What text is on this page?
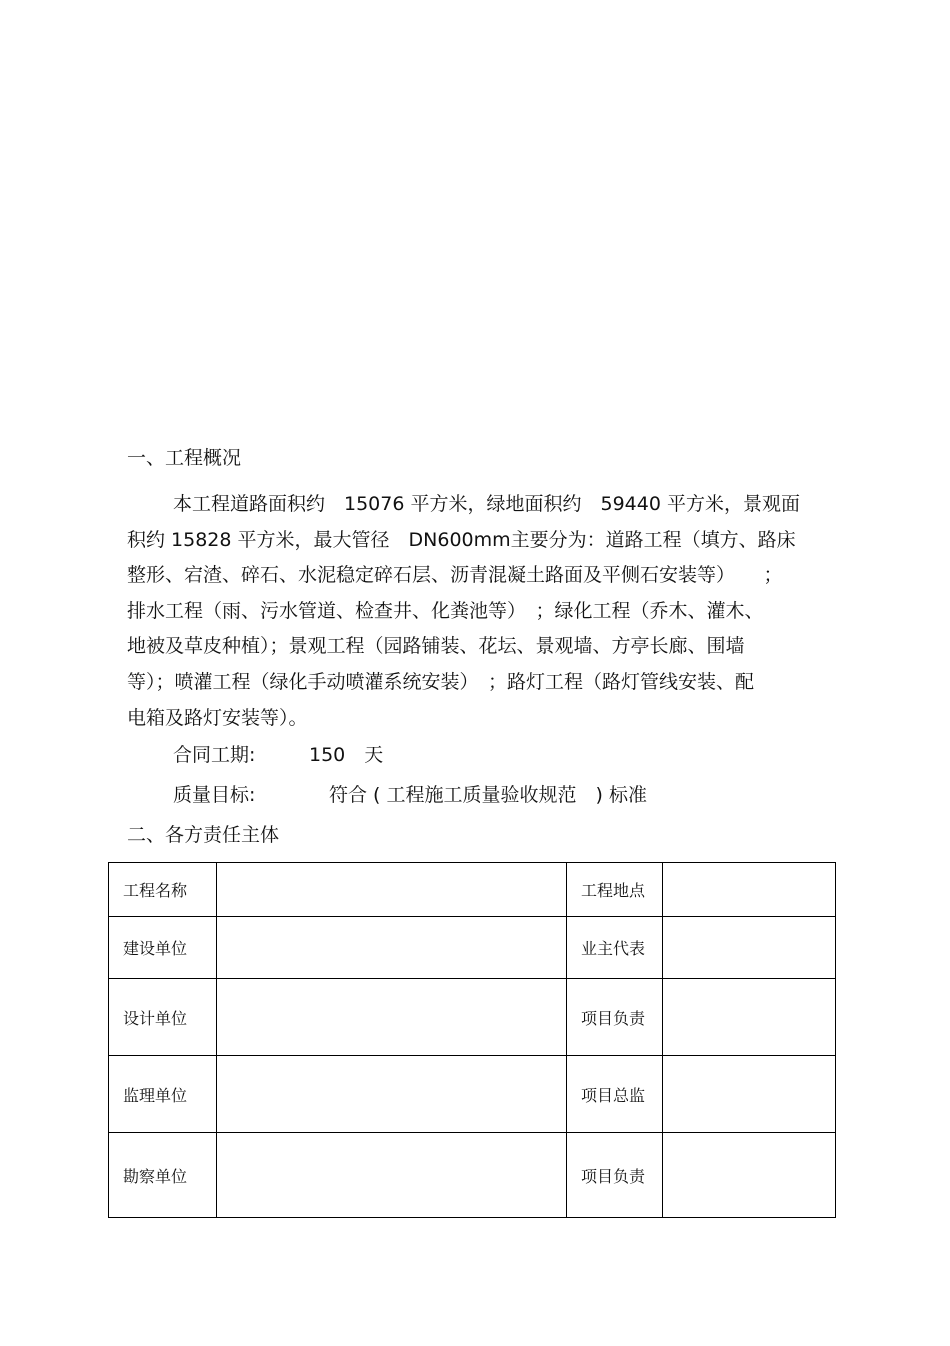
一、工程概况
本工程道路面积约　15076 平方米，绿地面积约　59440 平方米，景观面
积约 15828 平方米，最大管径　DN600mm主要分为：道路工程（填方、路床
整形、宕渣、碎石、水泥稳定碎石层、沥青混凝土路面及平侧石安装等）　　；
排水工程（雨、污水管道、检查井、化粪池等）　；绿化工程（乔木、灌木、
地被及草皮种植）；景观工程（园路铺装、花坛、景观墙、方亭长廊、围墙
等）；喷灌工程（绿化手动喷灌系统安装）　；路灯工程（路灯管线安装、配
电箱及路灯安装等）。
合同工期:	150　天
质量目标:	符合 ( 工程施工质量验收规范　) 标准
二、各方责任主体
工程名称		工程地点	
建设单位		业主代表	
设计单位		项目负责	
监理单位		项目总监	
勘察单位		项目负责	
